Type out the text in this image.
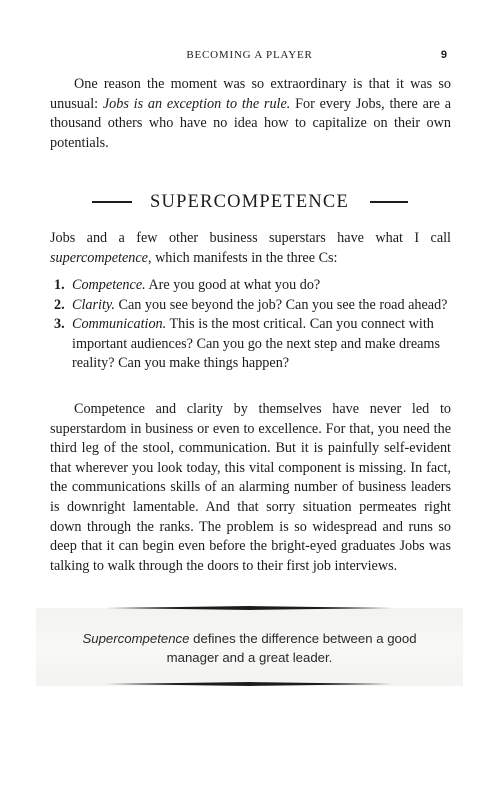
BECOMING A PLAYER	9

One reason the moment was so extraordinary is that it was so unusual: Jobs is an exception to the rule. For every Jobs, there are a thousand others who have no idea how to capitalize on their own potentials.

SUPERCOMPETENCE

Jobs and a few other business superstars have what I call supercompetence, which manifests in the three Cs:

1. Competence. Are you good at what you do?
2. Clarity. Can you see beyond the job? Can you see the road ahead?
3. Communication. This is the most critical. Can you connect with important audiences? Can you go the next step and make dreams reality? Can you make things happen?

Competence and clarity by themselves have never led to superstardom in business or even to excellence. For that, you need the third leg of the stool, communication. But it is painfully self-evident that wherever you look today, this vital component is missing. In fact, the communications skills of an alarming number of business leaders is downright lamentable. And that sorry situation permeates right down through the ranks. The problem is so widespread and runs so deep that it can begin even before the bright-eyed graduates Jobs was talking to walk through the doors to their first job interviews.

Supercompetence defines the difference between a good
manager and a great leader.
